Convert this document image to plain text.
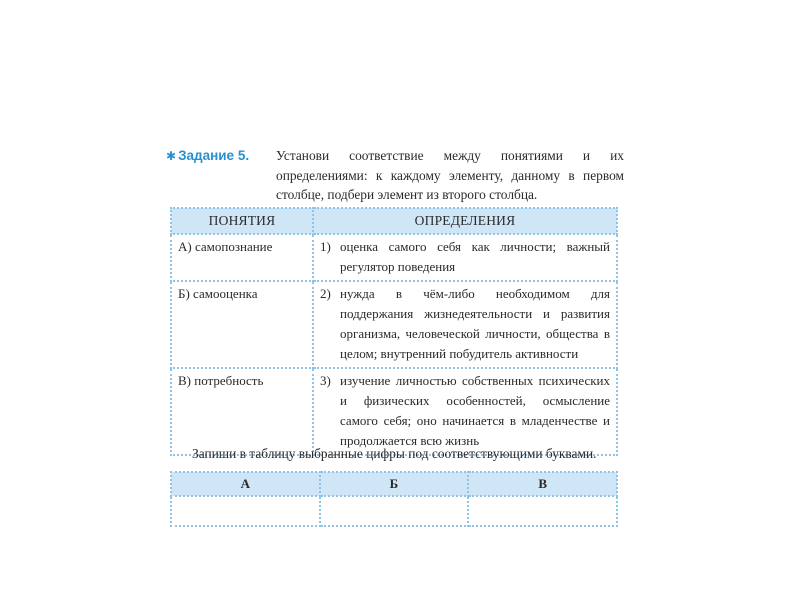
✱ Задание 5.	Установи соответствие между понятиями и их определениями: к каждому элементу, данному в первом столбце, подбери элемент из второго столбца.
ПОНЯТИЯ	ОПРЕДЕЛЕНИЯ
А) самопознание	1) оценка самого себя как личности; важный регулятор поведения

Б) самооценка	2) нужда в чём-либо необходимом для поддержания жизнедеятельности и развития организма, человеческой личности, общества в целом; внутренний побудитель активности

В) потребность	3) изучение личностью собственных психических и физических особенностей, осмысление самого себя; оно начинается в младенчестве и продолжается всю жизнь
Запиши в таблицу выбранные цифры под соответствующими буквами.
А	Б	В
